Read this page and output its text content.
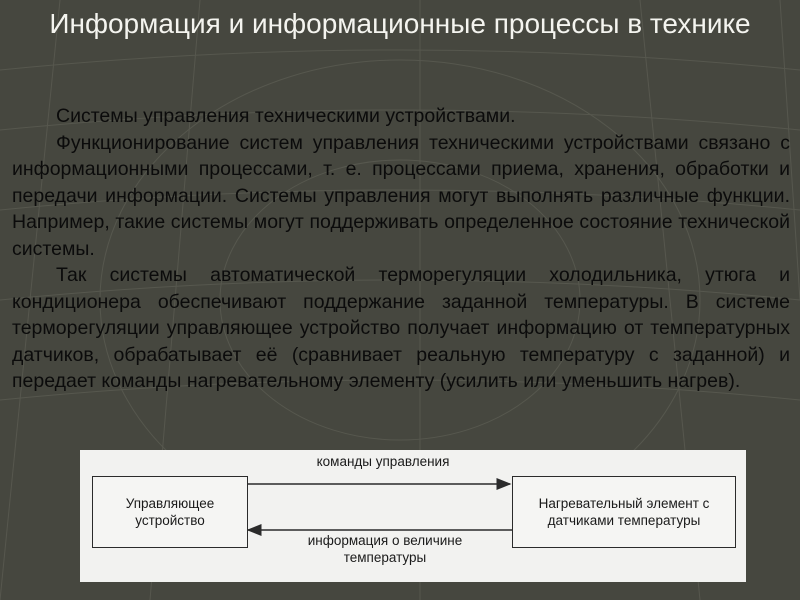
Информация и информационные процессы в технике
Системы управления техническими устройствами.

Функционирование систем управления техническими устройствами связано с информационными процессами, т. е. процессами приема, хранения, обработки и передачи информации. Системы управления могут выполнять различные функции. Например, такие системы могут поддерживать определенное состояние технической системы.

Так системы автоматической терморегуляции холодильника, утюга и кондиционера обеспечивают поддержание заданной температуры. В системе терморегуляции управляющее устройство получает информацию от температурных датчиков, обрабатывает её (сравнивает реальную температуру с заданной) и передает команды нагревательному элементу (усилить или уменьшить нагрев).

Управляющее устройство
Нагревательный элемент с датчиками температуры
команды управления
информация о величине температуры
